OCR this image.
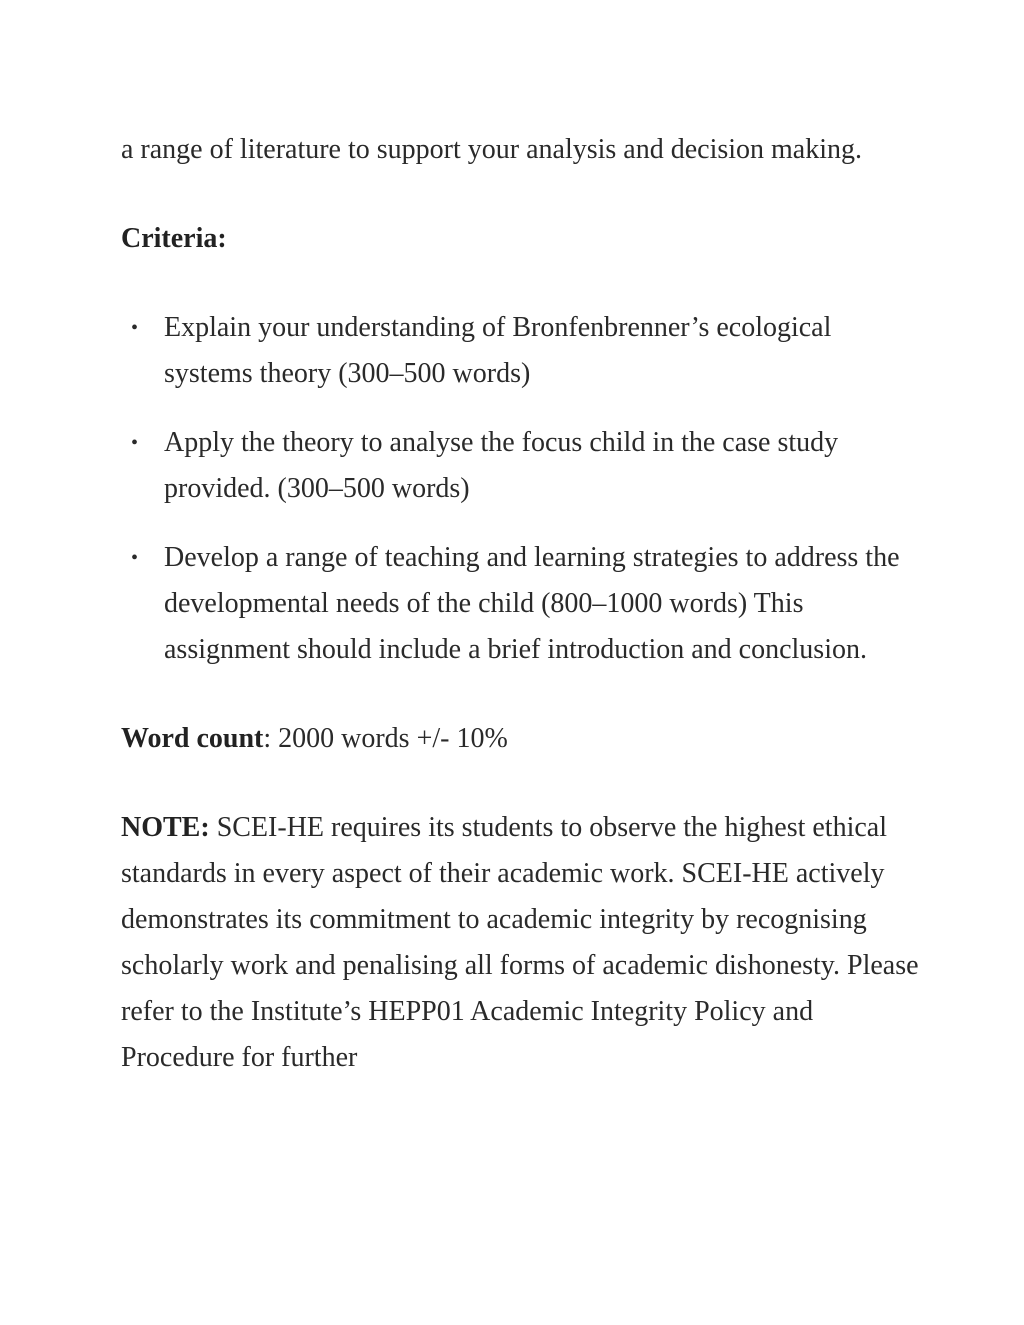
a range of literature to support your analysis and decision making.

Criteria:

• Explain your understanding of Bronfenbrenner’s ecological systems theory (300–500 words)
• Apply the theory to analyse the focus child in the case study provided. (300–500 words)
• Develop a range of teaching and learning strategies to address the developmental needs of the child (800–1000 words) This assignment should include a brief introduction and conclusion.

Word count: 2000 words +/- 10%

NOTE: SCEI-HE requires its students to observe the highest ethical standards in every aspect of their academic work. SCEI-HE actively demonstrates its commitment to academic integrity by recognising scholarly work and penalising all forms of academic dishonesty. Please refer to the Institute’s HEPP01 Academic Integrity Policy and Procedure for further
